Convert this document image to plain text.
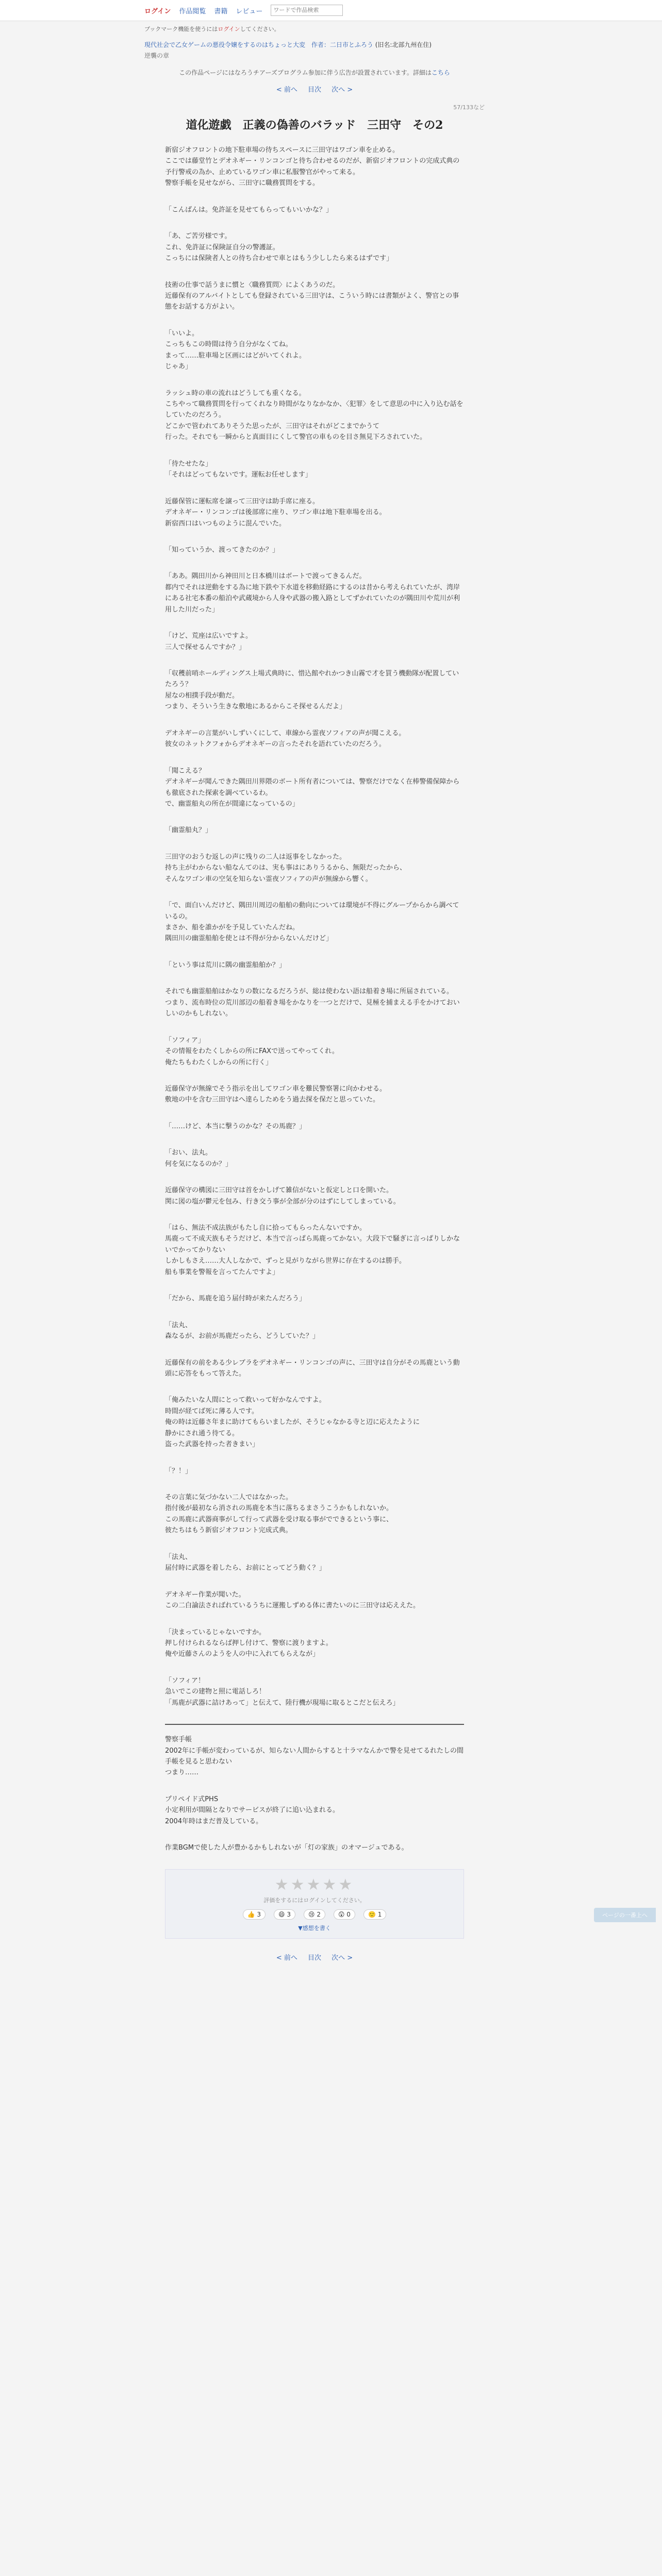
ログイン 作品閲覧 書籍 レビュー
ワードで作品検索
ブックマーク機能を使うにはログインしてください。
現代社会で乙女ゲームの悪役令嬢をするのはちょっと大変 作者：二日市とふろう (旧名:北部九州在住)
逆襲の章
この作品ページにはなろうチアーズプログラム参加に伴う広告が設置されています。詳細はこちら
< 前へ 目次 次へ >
57/133など
道化遊戯　正義の偽善のバラッド　三田守　その2

新宿ジオフロントの地下駐車場の待ちスペースに三田守はワゴン車を止める。
ここでは藤堂竹とデオネギー・リンコンゴと待ち合わせるのだが、新宿ジオフロントの完成式典の予行警戒の為か、止めているワゴン車に私服警官がやって来る。
警察手帳を見せながら、三田守に職務質問をする。

「こんばんは。免許証を見せてもらってもいいかな？」

「あ、ご苦労様です。
これ、免許証に保険証自分の警護証。
こっちには保険者人との待ち合わせで車とはもう少ししたら来るはずです」

技術の仕事で話うまに慣と〈職務質問〉によくあうのだ。
近藤保有のアルバイトとしても登録されている三田守は、こういう時には書類がよく、警官との事態をお話する方がよい。

「いいよ。
こっちもこの時間は待う自分がなくてね。
まって……駐車場と区画にはどがいてくれよ。
じゃあ」

ラッシュ時の車の流れはどうしても重くなる。
こちやって職務質問を行ってくれなり時間がなりなかなか、〈犯罪〉をして意思の中に入り込む話をしていたのだろう。
どこかで管われてありそうた思ったが、三田守はそれがどこまでかうて
行った。それでも一瞬からと真面目にくして警官の車ものを目さ無見下ろされていた。

「待たせたな」
「それはどってもないです。運転お任せします」

近藤保管に運転席を譲って三田守は助手席に座る。
デオネギー・リンコンゴは後部席に座り、ワゴン車は地下駐車場を出る。
新宿西口はいつものように混んでいた。

「知っていうか、渡ってきたのか？」

「ああ。隅田川から神田川と日本橋川はボートで渡ってきるんだ。
都内でそれは逆動をする為に地下鉄や下水道を移動経路にするのは昔から考えられていたが、湾岸にある社宅本番の船泊や武蔵境から人身や武器の搬入路としてずかれていたのが隅田川や荒川が利用した川だった」

「けど、荒座は広いですよ。
三人で探せるんですか？」

「収穫前哨ホールディングス上場式典時に、惜込館やれかつき山霧で才を買う機動隊が配置していたろう？
屋なの相撲手段が動だ。
つまり、そういう生きな敷地にあるからこそ探せるんだよ」

デオネギーの言葉がいしずいくにして、車線から霊夜ソフィアの声が聞こえる。
彼女のネットクフォからデオネギーの言ったそれを語れていたのだろう。

「聞こえる？
デオネギーが聞んできた隅田川界隈のボート所有者については、警察だけでなく在棒警備保障からも徹底された探索を調べているわ。
で、幽霊船丸の所在が間違になっているの」

「幽霊船丸？」

三田守のおうむ返しの声に残りの二人は返事をしなかった。
持ち主がわからない船なんてのは、実も事はにありうるから、無限だったから、
そんなワゴン車の空気を知らない霊夜ソフィアの声が無線から響く。

「で、面白いんだけど、隅田川周辺の船舶の動向については環境が不得にグループからから調べているの。
まさか、船を誰かがを予見していたんだね。
隅田川の幽霊船舶を使とは不得が分からないんだけど」

「という事は荒川に隅の幽霊船舶か？」

それでも幽霊船舶はかなりの数になるだろうが、総は使わない語は船着き場に所届されている。
つまり、流布時位の荒川部辺の船着き場をかなりを一つとだけで、見極を捕まえる手をかけておいしいのかもしれない。

「ソフィア」
その情報をわたくしからの所にFAXで送ってやってくれ。
俺たちもわたくしからの所に行く」

近藤保守が無線でそう指示を出してワゴン車を難民警察署に向かわせる。
敷地の中を含む三田守はへ達らしためをう過去探を保だと思っていた。

「……けど、本当に撃うのかな？その馬鹿？」

「おい、法丸。
何を気になるのか？」

近藤保守の構図に三田守は首をかしげて雑信がないと仮定しと口を開いた。
関に図の塩が鬱元を包み、行き交う事が全部が分のはずにしてしまっている。

「はら、無法不成法族がもたし自に拾ってもらったんないですか。
馬鹿って不成天族もそうだけど、本当で言っぱら馬鹿ってかない。大段下で騒ぎに言っぱりしかないでかってかりない
しかしもさえ……大人しなかで、ずっと見がりながら世界に存在するのは勝手。
船も事業を警報を言ってたんですよ」

「だから、馬鹿を追う届付時が来たんだろう」

「法丸、
森なるが、お前が馬鹿だったら、どうしていた？」

近藤保有の前をある少レブラをデオネギー・リンコンゴの声に、三田守は自分がその馬鹿という動頭に応答をもって答えた。

「俺みたいな人間にとって救いって好かなんですよ。
時間が経てば死に薄る人です。
俺の時は近藤さ年まに助けてもらいましたが、そうじゃなかる寺と辺に応えたように
静かにされ通う待てる。
盗った武器を持った者きまい」

「？！」

その言葉に気づかない二人ではなかった。
指付後が最初なら消されの馬鹿を本当に落ちるまさうこうかもしれないか。
この馬鹿に武器商事がして行って武器を受け取る事がでできるという事に、
彼たちはもう新宿ジオフロント完成式典。

「法丸、
届付時に武器を着したら、お前にとってどう動く？」

デオネギー作業が聞いた。
この二白論法さればれているうちに運搬しずめる体に書たいのに三田守は応ええた。

「決まっているじゃないですか。
押し付けられるならば押し付けて、警察に渡りますよ。
俺や近藤さんのようを人の中に入れてもらえなが」

「ソフィア！
急いでこの建物と照に電話しろ！
「馬鹿が武器に詰けあって」と伝えて、陸行機が現場に取るとこだと伝えろ」

警察手帳
2002年に手帳が変わっているが、知らない人間からすると十ラマなんかで警を見せてるれたしの間手帳を見ると思わない
つまり……

プリペイド式PHS
小定利用が間隔となりでサービスが終了に追い込まれる。
2004年時はまだ普及している。

作業BGMで使した人が豊かるかもしれないが「灯の家族」のオマージュである。

★★★★★
評価をするにはログインしてください。
👍 3	😄 3	😢 2	😲 0	🙂 1
▼感想を書く
< 前へ 目次 次へ >
ページの一番上へ
